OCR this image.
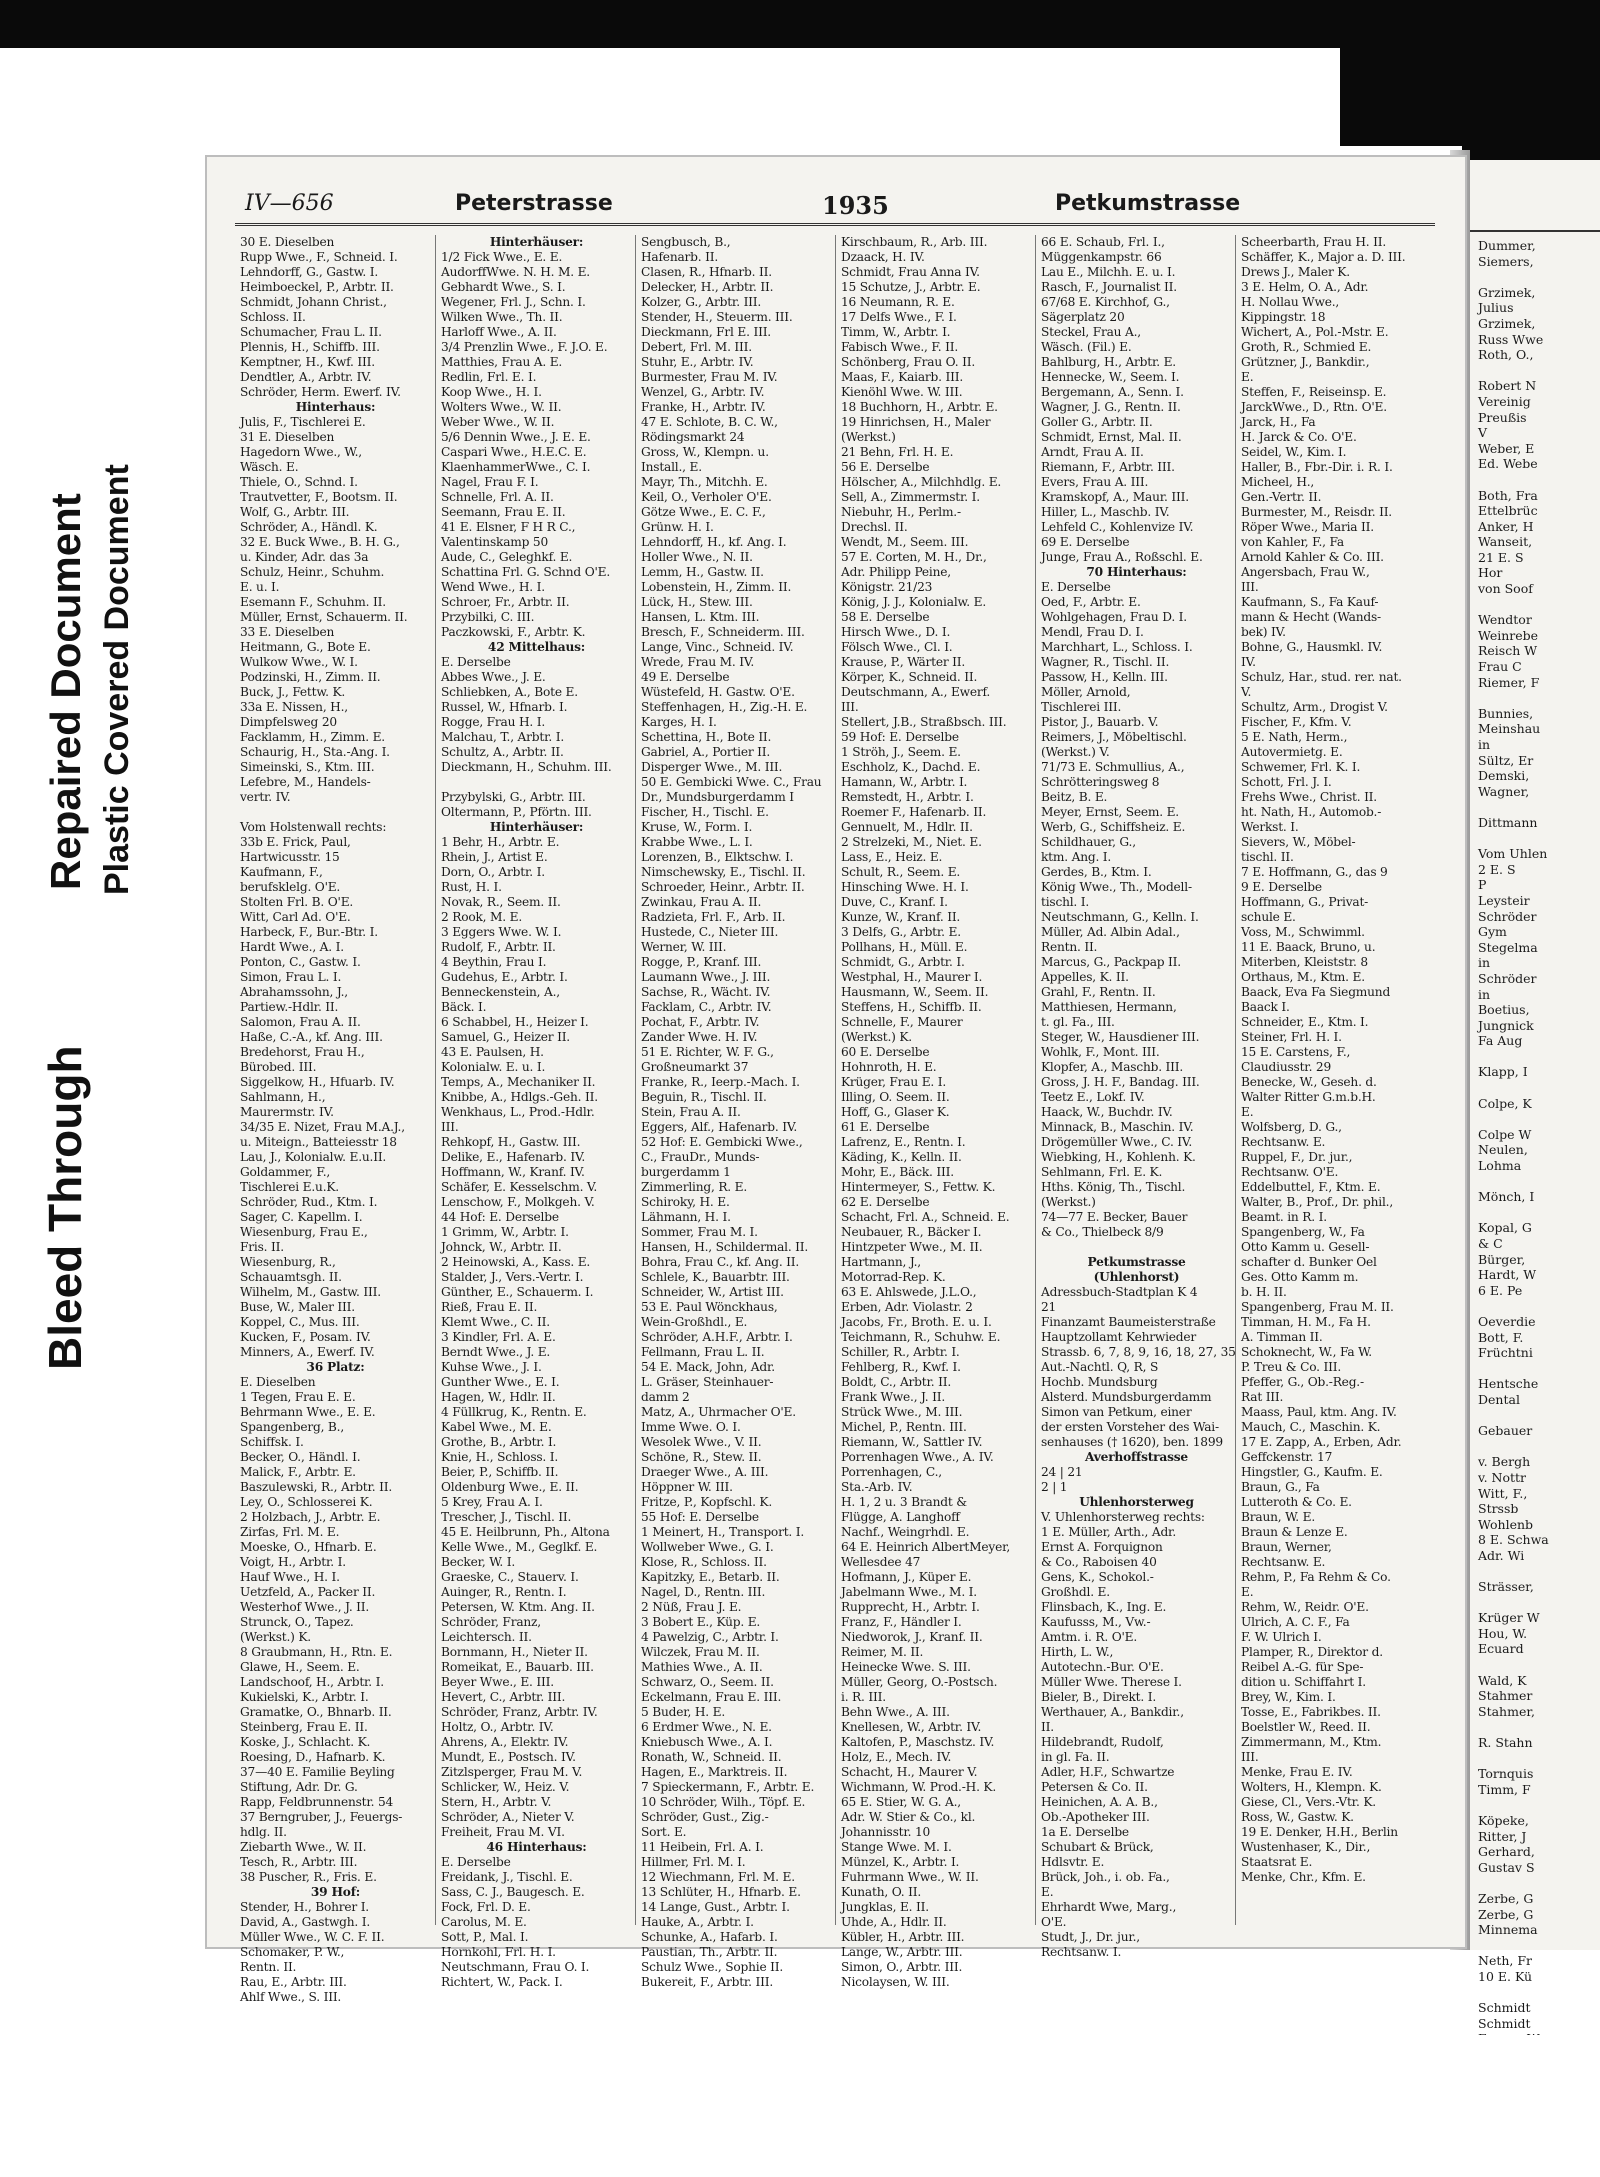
Bleed Through
Repaired Document Plastic Covered Document
IV—656	Peterstrasse	1935	Petkumstrasse
30 E. Dieselben
Rupp Wwe., F., Schneid. I.
Lehndorff, G., Gastw. I.
Heimboeckel, P., Arbtr. II.
Schmidt, Johann Christ.,
Schloss. II.
Schumacher, Frau L. II.
Plennis, H., Schiffb. III.
Kemptner, H., Kwf. III.
Dendtler, A., Arbtr. IV.
Schröder, Herm. Ewerf. IV.
Hinterhaus:
Julis, F., Tischlerei E.
31 E. Dieselben
Hagedorn Wwe., W.,
Wäsch. E.
Thiele, O., Schnd. I.
Trautvetter, F., Bootsm. II.
Wolf, G., Arbtr. III.
Schröder, A., Händl. K.
32 E. Buck Wwe., B. H. G.,
u. Kinder, Adr. das 3a
Schulz, Heinr., Schuhm.
E. u. I.
Esemann F., Schuhm. II.
Müller, Ernst, Schauerm. II.
33 E. Dieselben
Heitmann, G., Bote E.
Wulkow Wwe., W. I.
Podzinski, H., Zimm. II.
Buck, J., Fettw. K.
33a E. Nissen, H.,
Dimpfelsweg 20
Facklamm, H., Zimm. E.
Schaurig, H., Sta.-Ang. I.
Simeinski, S., Ktm. III.
Lefebre, M., Handels-
vertr. IV.

Vom Holstenwall rechts:
33b E. Frick, Paul,
Hartwicusstr. 15
Kaufmann, F.,
berufsklelg. O'E.
Stolten Frl. B. O'E.
Witt, Carl Ad. O'E.
Harbeck, F., Bur.-Btr. I.
Hardt Wwe., A. I.
Ponton, C., Gastw. I.
Simon, Frau L. I.
Abrahamssohn, J.,
Partiew.-Hdlr. II.
Salomon, Frau A. II.
Haße, C.-A., kf. Ang. III.
Bredehorst, Frau H.,
Bürobed. III.
Siggelkow, H., Hfuarb. IV.
Sahlmann, H.,
Maurermstr. IV.
34/35 E. Nizet, Frau M.A.J.,
u. Miteign., Batteiesstr 18
Lau, J., Kolonialw. E.u.II.
Goldammer, F.,
Tischlerei E.u.K.
Schröder, Rud., Ktm. I.
Sager, C. Kapellm. I.
Wiesenburg, Frau E.,
Fris. II.
Wiesenburg, R.,
Schauamtsgh. II.
Wilhelm, M., Gastw. III.
Buse, W., Maler III.
Koppel, C., Mus. III.
Kucken, F., Posam. IV.
Minners, A., Ewerf. IV.
36 Platz:
E. Dieselben
1 Tegen, Frau E. E.
Behrmann Wwe., E. E.
Spangenberg, B.,
Schiffsk. I.
Becker, O., Händl. I.
Malick, F., Arbtr. E.
Baszulewski, R., Arbtr. II.
Ley, O., Schlosserei K.
2 Holzbach, J., Arbtr. E.
Zirfas, Frl. M. E.
Moeske, O., Hfnarb. E.
Voigt, H., Arbtr. I.
Hauf Wwe., H. I.
Uetzfeld, A., Packer II.
Westerhof Wwe., J. II.
Strunck, O., Tapez.
(Werkst.) K.
8 Graubmann, H., Rtn. E.
Glawe, H., Seem. E.
Landschoof, H., Arbtr. I.
Kukielski, K., Arbtr. I.
Gramatke, O., Bhnarb. II.
Steinberg, Frau E. II.
Koske, J., Schlacht. K.
Roesing, D., Hafnarb. K.
37—40 E. Familie Beyling
Stiftung, Adr. Dr. G.
Rapp, Feldbrunnenstr. 54
37 Berngruber, J., Feuergs-
hdlg. II.
Ziebarth Wwe., W. II.
Tesch, R., Arbtr. III.
38 Puscher, R., Fris. E.
39 Hof:
Stender, H., Bohrer I.
David, A., Gastwgh. I.
Müller Wwe., W. C. F. II.
Schomaker, P. W.,
Rentn. II.
Rau, E., Arbtr. III.
Ahlf Wwe., S. III.
Hinterhäuser:
1/2 Fick Wwe., E. E.
AudorffWwe. N. H. M. E.
Gebhardt Wwe., S. I.
Wegener, Frl. J., Schn. I.
Wilken Wwe., Th. II.
Harloff Wwe., A. II.
3/4 Prenzlin Wwe., F. J.O. E.
Matthies, Frau A. E.
Redlin, Frl. E. I.
Koop Wwe., H. I.
Wolters Wwe., W. II.
Weber Wwe., W. II.
5/6 Dennin Wwe., J. E. E.
Caspari Wwe., H.E.C. E.
KlaenhammerWwe., C. I.
Nagel, Frau F. I.
Schnelle, Frl. A. II.
Seemann, Frau E. II.
41 E. Elsner, F H R C.,
Valentinskamp 50
Aude, C., Geleghkf. E.
Schattina Frl. G. Schnd O'E.
Wend Wwe., H. I.
Schroer, Fr., Arbtr. II.
Przybilki, C. III.
Paczkowski, F., Arbtr. K.
42 Mittelhaus:
E. Derselbe
Abbes Wwe., J. E.
Schliebken, A., Bote E.
Russel, W., Hfnarb. I.
Rogge, Frau H. I.
Malchau, T., Arbtr. I.
Schultz, A., Arbtr. II.
Dieckmann, H., Schuhm. III.

Przybylski, G., Arbtr. III.
Oltermann, P., Pförtn. III.
Hinterhäuser:
1 Behr, H., Arbtr. E.
Rhein, J., Artist E.
Dorn, O., Arbtr. I.
Rust, H. I.
Novak, R., Seem. II.
2 Rook, M. E.
3 Eggers Wwe. W. I.
Rudolf, F., Arbtr. II.
4 Beythin, Frau I.
Gudehus, E., Arbtr. I.
Benneckenstein, A.,
Bäck. I.
6 Schabbel, H., Heizer I.
Samuel, G., Heizer II.
43 E. Paulsen, H.
Kolonialw. E. u. I.
Temps, A., Mechaniker II.
Knibbe, A., Hdlgs.-Geh. II.
Wenkhaus, L., Prod.-Hdlr.
III.
Rehkopf, H., Gastw. III.
Delike, E., Hafenarb. IV.
Hoffmann, W., Kranf. IV.
Schäfer, E. Kesselschm. V.
Lenschow, F., Molkgeh. V.
44 Hof: E. Derselbe
1 Grimm, W., Arbtr. I.
Johnck, W., Arbtr. II.
2 Heinowski, A., Kass. E.
Stalder, J., Vers.-Vertr. I.
Günther, E., Schauerm. I.
Rieß, Frau E. II.
Klemt Wwe., C. II.
3 Kindler, Frl. A. E.
Berndt Wwe., J. E.
Kuhse Wwe., J. I.
Gunther Wwe., E. I.
Hagen, W., Hdlr. II.
4 Füllkrug, K., Rentn. E.
Kabel Wwe., M. E.
Grothe, B., Arbtr. I.
Knie, H., Schloss. I.
Beier, P., Schiffb. II.
Oldenburg Wwe., E. II.
5 Krey, Frau A. I.
Trescher, J., Tischl. II.
45 E. Heilbrunn, Ph., Altona
Kelle Wwe., M., Geglkf. E.
Becker, W. I.
Graeske, C., Stauerv. I.
Auinger, R., Rentn. I.
Petersen, W. Ktm. Ang. II.
Schröder, Franz,
Leichtersch. II.
Bornmann, H., Nieter II.
Romeikat, E., Bauarb. III.
Beyer Wwe., E. III.
Hevert, C., Arbtr. III.
Schröder, Franz, Arbtr. IV.
Holtz, O., Arbtr. IV.
Ahrens, A., Elektr. IV.
Mundt, E., Postsch. IV.
Zitzlsperger, Frau M. V.
Schlicker, W., Heiz. V.
Stern, H., Arbtr. V.
Schröder, A., Nieter V.
Freiheit, Frau M. VI.
46 Hinterhaus:
E. Derselbe
Freidank, J., Tischl. E.
Sass, C. J., Baugesch. E.
Fock, Frl. D. E.
Carolus, M. E.
Sott, P., Mal. I.
Hornkohl, Frl. H. I.
Neutschmann, Frau O. I.
Richtert, W., Pack. I.
Sengbusch, B.,
Hafenarb. II.
Clasen, R., Hfnarb. II.
Delecker, H., Arbtr. II.
Kolzer, G., Arbtr. III.
Stender, H., Steuerm. III.
Dieckmann, Frl E. III.
Debert, Frl. M. III.
Stuhr, E., Arbtr. IV.
Burmester, Frau M. IV.
Wenzel, G., Arbtr. IV.
Franke, H., Arbtr. IV.
47 E. Schlote, B. C. W.,
Rödingsmarkt 24
Gross, W., Klempn. u.
Install., E.
Mayr, Th., Mitchh. E.
Keil, O., Verholer O'E.
Götze Wwe., E. C. F.,
Grünw. H. I.
Lehndorff, H., kf. Ang. I.
Holler Wwe., N. II.
Lemm, H., Gastw. II.
Lobenstein, H., Zimm. II.
Lück, H., Stew. III.
Hansen, L. Ktm. III.
Bresch, F., Schneiderm. III.
Lange, Vinc., Schneid. IV.
Wrede, Frau M. IV.
49 E. Derselbe
Wüstefeld, H. Gastw. O'E.
Steffenhagen, H., Zig.-H. E.
Karges, H. I.
Schettina, H., Bote II.
Gabriel, A., Portier II.
Disperger Wwe., M. III.
50 E. Gembicki Wwe. C., Frau
Dr., Mundsburgerdamm I
Fischer, H., Tischl. E.
Kruse, W., Form. I.
Krabbe Wwe., L. I.
Lorenzen, B., Elktschw. I.
Nimschewsky, E., Tischl. II.
Schroeder, Heinr., Arbtr. II.
Zwinkau, Frau A. II.
Radzieta, Frl. F., Arb. II.
Hustede, C., Nieter III.
Werner, W. III.
Rogge, P., Kranf. III.
Laumann Wwe., J. III.
Sachse, R., Wächt. IV.
Facklam, C., Arbtr. IV.
Pochat, F., Arbtr. IV.
Zander Wwe. H. IV.
51 E. Richter, W. F. G.,
Großneumarkt 37
Franke, R., Ieerp.-Mach. I.
Beguin, R., Tischl. II.
Stein, Frau A. II.
Eggers, Alf., Hafenarb. IV.
52 Hof: E. Gembicki Wwe.,
C., FrauDr., Munds-
burgerdamm 1
Zimmerling, R. E.
Schiroky, H. E.
Lähmann, H. I.
Sommer, Frau M. I.
Hansen, H., Schildermal. II.
Bohra, Frau C., kf. Ang. II.
Schlele, K., Bauarbtr. III.
Schneider, W., Artist III.
53 E. Paul Wönckhaus,
Wein-Großhdl., E.
Schröder, A.H.F., Arbtr. I.
Fellmann, Frau L. II.
54 E. Mack, John, Adr.
L. Gräser, Steinhauer-
damm 2
Matz, A., Uhrmacher O'E.
Imme Wwe. O. I.
Wesolek Wwe., V. II.
Schöne, R., Stew. II.
Draeger Wwe., A. III.
Höppner W. III.
Fritze, P., Kopfschl. K.
55 Hof: E. Derselbe
1 Meinert, H., Transport. I.
Wollweber Wwe., G. I.
Klose, R., Schloss. II.
Kapitzky, E., Betarb. II.
Nagel, D., Rentn. III.
2 Nüß, Frau J. E.
3 Bobert E., Küp. E.
4 Pawelzig, C., Arbtr. I.
Wilczek, Frau M. II.
Mathies Wwe., A. II.
Schwarz, O., Seem. II.
Eckelmann, Frau E. III.
5 Buder, H. E.
6 Erdmer Wwe., N. E.
Kniebusch Wwe., A. I.
Ronath, W., Schneid. II.
Hagen, E., Marktreis. II.
7 Spieckermann, F., Arbtr. E.
10 Schröder, Wilh., Töpf. E.
Schröder, Gust., Zig.-
Sort. E.
11 Heibein, Frl. A. I.
Hillmer, Frl. M. I.
12 Wiechmann, Frl. M. E.
13 Schlüter, H., Hfnarb. E.
14 Lange, Gust., Arbtr. I.
Hauke, A., Arbtr. I.
Schunke, A., Hafarb. I.
Paustian, Th., Arbtr. II.
Schulz Wwe., Sophie II.
Bukereit, F., Arbtr. III.
Kirschbaum, R., Arb. III.
Dzaack, H. IV.
Schmidt, Frau Anna IV.
15 Schutze, J., Arbtr. E.
16 Neumann, R. E.
17 Delfs Wwe., F. I.
Timm, W., Arbtr. I.
Fabisch Wwe., F. II.
Schönberg, Frau O. II.
Maas, F., Kaiarb. III.
Kienöhl Wwe. W. III.
18 Buchhorn, H., Arbtr. E.
19 Hinrichsen, H., Maler
(Werkst.)
21 Behn, Frl. H. E.
56 E. Derselbe
Hölscher, A., Milchhdlg. E.
Sell, A., Zimmermstr. I.
Niebuhr, H., Perlm.-
Drechsl. II.
Wendt, M., Seem. III.
57 E. Corten, M. H., Dr.,
Adr. Philipp Peine,
Königstr. 21/23
König, J. J., Kolonialw. E.
58 E. Derselbe
Hirsch Wwe., D. I.
Fölsch Wwe., Cl. I.
Krause, P., Wärter II.
Körper, K., Schneid. II.
Deutschmann, A., Ewerf.
III.
Stellert, J.B., Straßbsch. III.
59 Hof: E. Derselbe
1 Ströh, J., Seem. E.
Eschholz, K., Dachd. E.
Hamann, W., Arbtr. I.
Remstedt, H., Arbtr. I.
Roemer F., Hafenarb. II.
Gennuelt, M., Hdlr. II.
2 Strelzeki, M., Niet. E.
Lass, E., Heiz. E.
Schult, R., Seem. E.
Hinsching Wwe. H. I.
Duve, C., Kranf. I.
Kunze, W., Kranf. II.
3 Delfs, G., Arbtr. E.
Pollhans, H., Müll. E.
Schmidt, G., Arbtr. I.
Westphal, H., Maurer I.
Hausmann, W., Seem. II.
Steffens, H., Schiffb. II.
Schnelle, F., Maurer
(Werkst.) K.
60 E. Derselbe
Hohnroth, H. E.
Krüger, Frau E. I.
Illing, O. Seem. II.
Hoff, G., Glaser K.
61 E. Derselbe
Lafrenz, E., Rentn. I.
Käding, K., Kelln. II.
Mohr, E., Bäck. III.
Hintermeyer, S., Fettw. K.
62 E. Derselbe
Schacht, Frl. A., Schneid. E.
Neubauer, R., Bäcker I.
Hintzpeter Wwe., M. II.
Hartmann, J.,
Motorrad-Rep. K.
63 E. Ahlswede, J.L.O.,
Erben, Adr. Violastr. 2
Jacobs, Fr., Broth. E. u. I.
Teichmann, R., Schuhw. E.
Schiller, R., Arbtr. I.
Fehlberg, R., Kwf. I.
Boldt, C., Arbtr. II.
Frank Wwe., J. II.
Strück Wwe., M. III.
Michel, P., Rentn. III.
Riemann, W., Sattler IV.
Porrenhagen Wwe., A. IV.
Porrenhagen, C.,
Sta.-Arb. IV.
H. 1, 2 u. 3 Brandt &
Flügge, A. Langhoff
Nachf., Weingrhdl. E.
64 E. Heinrich AlbertMeyer,
Wellesdee 47
Hofmann, J., Küper E.
Jabelmann Wwe., M. I.
Rupprecht, H., Arbtr. I.
Franz, F., Händler I.
Niedworok, J., Kranf. II.
Reimer, M. II.
Heinecke Wwe. S. III.
Müller, Georg, O.-Postsch.
i. R. III.
Behn Wwe., A. III.
Knellesen, W., Arbtr. IV.
Kaltofen, P., Maschstz. IV.
Holz, E., Mech. IV.
Schacht, H., Maurer V.
Wichmann, W. Prod.-H. K.
65 E. Stier, W. G. A.,
Adr. W. Stier & Co., kl.
Johannisstr. 10
Stange Wwe. M. I.
Münzel, K., Arbtr. I.
Fuhrmann Wwe., W. II.
Kunath, O. II.
Jungklas, E. II.
Uhde, A., Hdlr. II.
Kübler, H., Arbtr. III.
Lange, W., Arbtr. III.
Simon, O., Arbtr. III.
Nicolaysen, W. III.
66 E. Schaub, Frl. I.,
Müggenkampstr. 66
Lau E., Milchh. E. u. I.
Rasch, F., Journalist II.
67/68 E. Kirchhof, G.,
Sägerplatz 20
Steckel, Frau A.,
Wäsch. (Fil.) E.
Bahlburg, H., Arbtr. E.
Hennecke, W., Seem. I.
Bergemann, A., Senn. I.
Wagner, J. G., Rentn. II.
Goller G., Arbtr. II.
Schmidt, Ernst, Mal. II.
Arndt, Frau A. II.
Riemann, F., Arbtr. III.
Evers, Frau A. III.
Kramskopf, A., Maur. III.
Hiller, L., Maschb. IV.
Lehfeld C., Kohlenvize IV.
69 E. Derselbe
Junge, Frau A., Roßschl. E.
70 Hinterhaus:
E. Derselbe
Oed, F., Arbtr. E.
Wohlgehagen, Frau D. I.
Mendl, Frau D. I.
Marchhart, L., Schloss. I.
Wagner, R., Tischl. II.
Passow, H., Kelln. III.
Möller, Arnold,
Tischlerei III.
Pistor, J., Bauarb. V.
Reimers, J., Möbeltischl.
(Werkst.) V.
71/73 E. Schmullius, A.,
Schrötteringsweg 8
Beitz, B. E.
Meyer, Ernst, Seem. E.
Werb, G., Schiffsheiz. E.
Schildhauer, G.,
ktm. Ang. I.
Gerdes, B., Ktm. I.
König Wwe., Th., Modell-
tischl. I.
Neutschmann, G., Kelln. I.
Müller, Ad. Albin Adal.,
Rentn. II.
Marcus, G., Packpap II.
Appelles, K. II.
Grahl, F., Rentn. II.
Matthiesen, Hermann,
t. gl. Fa., III.
Steger, W., Hausdiener III.
Wohlk, F., Mont. III.
Klopfer, A., Maschb. III.
Gross, J. H. F., Bandag. III.
Teetz E., Lokf. IV.
Haack, W., Buchdr. IV.
Minnack, B., Maschin. IV.
Drögemüller Wwe., C. IV.
Wiebking, H., Kohlenh. K.
Sehlmann, Frl. E. K.
Hths. König, Th., Tischl.
(Werkst.)
74—77 E. Becker, Bauer
& Co., Thielbeck 8/9

Petkumstrasse
(Uhlenhorst)
Adressbuch-Stadtplan K 4
21
Finanzamt Baumeisterstraße
Hauptzollamt Kehrwieder
Strassb. 6, 7, 8, 9, 16, 18, 27, 35
Aut.-Nachtl. Q, R, S
Hochb. Mundsburg
Alsterd. Mundsburgerdamm
Simon van Petkum, einer
der ersten Vorsteher des Wai-
senhauses († 1620), ben. 1899
Averhoffstrasse
24 | 21
2 | 1
Uhlenhorsterweg
V. Uhlenhorsterweg rechts:
1 E. Müller, Arth., Adr.
Ernst A. Forquignon
& Co., Raboisen 40
Gens, K., Schokol.-
Großhdl. E.
Flinsbach, K., Ing. E.
Kaufusss, M., Vw.-
Amtm. i. R. O'E.
Hirth, L. W.,
Autotechn.-Bur. O'E.
Müller Wwe. Therese I.
Bieler, B., Direkt. I.
Werthauer, A., Bankdir.,
II.
Hildebrandt, Rudolf,
in gl. Fa. II.
Adler, H.F., Schwartze
Petersen & Co. II.
Heinichen, A. A. B.,
Ob.-Apotheker III.
1a E. Derselbe
Schubart & Brück,
Hdlsvtr. E.
Brück, Joh., i. ob. Fa.,
E.
Ehrhardt Wwe, Marg.,
O'E.
Studt, J., Dr. jur.,
Rechtsanw. I.
Scheerbarth, Frau H. II.
Schäffer, K., Major a. D. III.
Drews J., Maler K.
3 E. Helm, O. A., Adr.
H. Nollau Wwe.,
Kippingstr. 18
Wichert, A., Pol.-Mstr. E.
Groth, R., Schmied E.
Grützner, J., Bankdir.,
E.
Steffen, F., Reiseinsp. E.
JarckWwe., D., Rtn. O'E.
Jarck, H., Fa
H. Jarck & Co. O'E.
Seidel, W., Kim. I.
Haller, B., Fbr.-Dir. i. R. I.
Micheel, H.,
Gen.-Vertr. II.
Burmester, M., Reisdr. II.
Röper Wwe., Maria II.
von Kahler, F., Fa
Arnold Kahler & Co. III.
Angersbach, Frau W.,
III.
Kaufmann, S., Fa Kauf-
mann & Hecht (Wands-
bek) IV.
Bohne, G., Hausmkl. IV.
IV.
Schulz, Har., stud. rer. nat.
V.
Schultz, Arm., Drogist V.
Fischer, F., Kfm. V.
5 E. Nath, Herm.,
Autovermietg. E.
Schwemer, Frl. K. I.
Schott, Frl. J. I.
Frehs Wwe., Christ. II.
ht. Nath, H., Automob.-
Werkst. I.
Sievers, W., Möbel-
tischl. II.
7 E. Hoffmann, G., das 9
9 E. Derselbe
Hoffmann, G., Privat-
schule E.
Voss, M., Schwimml.
11 E. Baack, Bruno, u.
Miterben, Kleiststr. 8
Orthaus, M., Ktm. E.
Baack, Eva Fa Siegmund
Baack I.
Schneider, E., Ktm. I.
Steiner, Frl. H. I.
15 E. Carstens, F.,
Claudiusstr. 29
Benecke, W., Geseh. d.
Walter Ritter G.m.b.H.
E.
Wolfsberg, D. G.,
Rechtsanw. E.
Ruppel, F., Dr. jur.,
Rechtsanw. O'E.
Eddelbuttel, F., Ktm. E.
Walter, B., Prof., Dr. phil.,
Beamt. in R. I.
Spangenberg, W., Fa
Otto Kamm u. Gesell-
schafter d. Bunker Oel
Ges. Otto Kamm m.
b. H. II.
Spangenberg, Frau M. II.
Timman, H. M., Fa H.
A. Timman II.
Schoknecht, W., Fa W.
P. Treu & Co. III.
Pfeffer, G., Ob.-Reg.-
Rat III.
Maass, Paul, ktm. Ang. IV.
Mauch, C., Maschin. K.
17 E. Zapp, A., Erben, Adr.
Geffckenstr. 17
Hingstler, G., Kaufm. E.
Braun, G., Fa
Lutteroth & Co. E.
Braun, W. E.
Braun & Lenze E.
Braun, Werner,
Rechtsanw. E.
Rehm, P., Fa Rehm & Co.
E.
Rehm, W., Reidr. O'E.
Ulrich, A. C. F., Fa
F. W. Ulrich I.
Plamper, R., Direktor d.
Reibel A.-G. für Spe-
dition u. Schiffahrt I.
Brey, W., Kim. I.
Tosse, E., Fabrikbes. II.
Boelstler W., Reed. II.
Zimmermann, M., Ktm.
III.
Menke, Frau E. IV.
Wolters, H., Klempn. K.
Giese, Cl., Vers.-Vtr. K.
Ross, W., Gastw. K.
19 E. Denker, H.H., Berlin
Wustenhaser, K., Dir.,
Staatsrat E.
Menke, Chr., Kfm. E.
Dummer,
Siemers,

Grzimek,
Julius
Grzimek,
Russ Wwe
Roth, O.,

Robert N
Vereinig
Preußis
V
Weber, E
Ed. Webe

Both, Fra
Ettelbrüc
Anker, H
Wanseit,
21 E. S
Hor
von Soof

Wendtor
Weinrebe
Reisch W
Frau C
Riemer, F

Bunnies,
Meinshau
in
Sültz, Er
Demski,
Wagner,

Dittmann

Vom Uhlen
2 E. S
P
Leysteir
Schröder
Gym
Stegelma
in
Schröder
in
Boetius,
Jungnick
Fa Aug

Klapp, I

Colpe, K

Colpe W
Neulen,
Lohma

Mönch, I

Kopal, G
& C
Bürger,
Hardt, W
6 E. Pe

Oeverdie
Bott, F.
Früchtni

Hentsche
Dental

Gebauer

v. Bergh
v. Nottr
Witt, F.,
Strssb
Wohlenb
8 E. Schwa
Adr. Wi

Strässer,

Krüger W
Hou, W.
Ecuard

Wald, K
Stahmer
Stahmer,

R. Stahn

Tornquis
Timm, F

Köpeke,
Ritter, J
Gerhard,
Gustav S

Zerbe, G
Zerbe, G
Minnema

Neth, Fr
10 E. Kü

Schmidt
Schmidt
